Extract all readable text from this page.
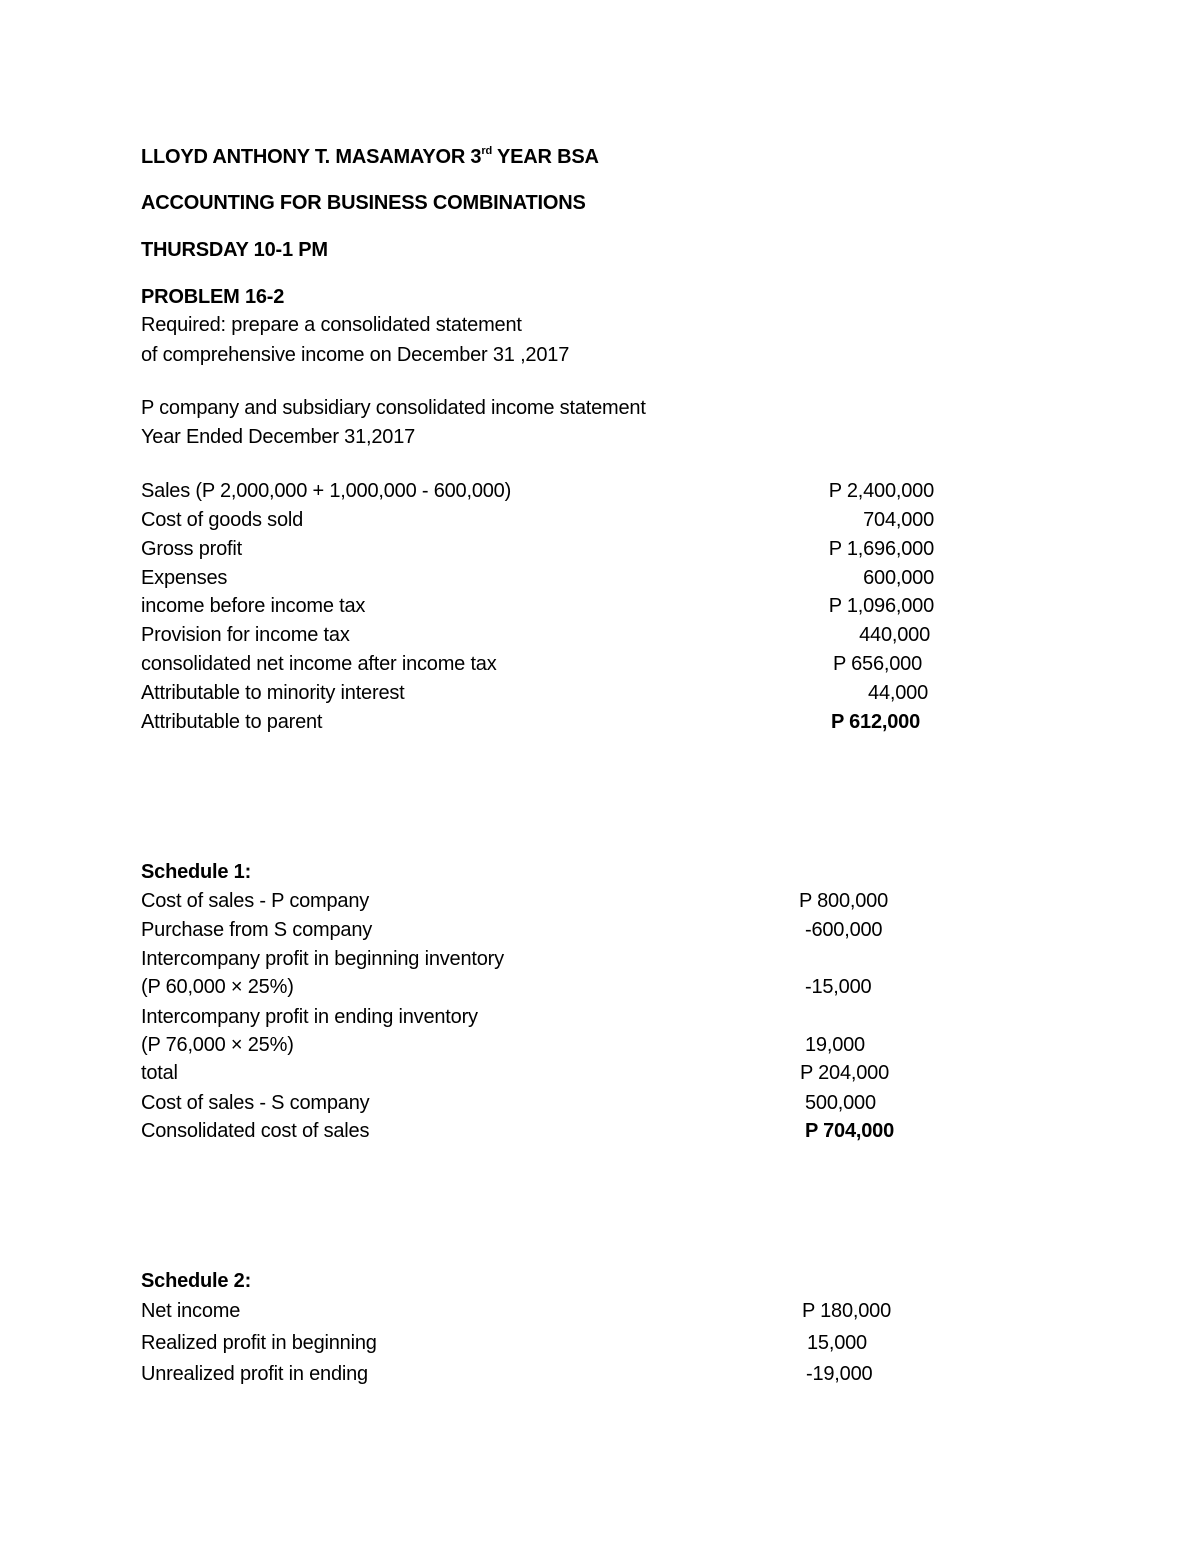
LLOYD ANTHONY T. MASAMAYOR 3rd YEAR BSA
ACCOUNTING FOR BUSINESS COMBINATIONS
THURSDAY 10-1 PM
PROBLEM 16-2
Required: prepare a consolidated statement
of comprehensive income on December 31 ,2017
P company and subsidiary consolidated income statement
Year Ended December 31,2017
Sales (P 2,000,000 + 1,000,000 - 600,000)	P 2,400,000
Cost of goods sold	704,000
Gross profit	P 1,696,000
Expenses	600,000
income before income tax	P 1,096,000
Provision for income tax	440,000
consolidated net income after income tax	P 656,000
Attributable to minority interest	44,000
Attributable to parent	P 612,000
Schedule 1:
Cost of sales - P company	P 800,000
Purchase from S company	-600,000
Intercompany profit in beginning inventory
(P 60,000 × 25%)	-15,000
Intercompany profit in ending inventory
(P 76,000 × 25%)	19,000
total	P 204,000
Cost of sales - S company	500,000
Consolidated cost of sales	P 704,000
Schedule 2:
Net income	P 180,000
Realized profit in beginning	15,000
Unrealized profit in ending	-19,000
